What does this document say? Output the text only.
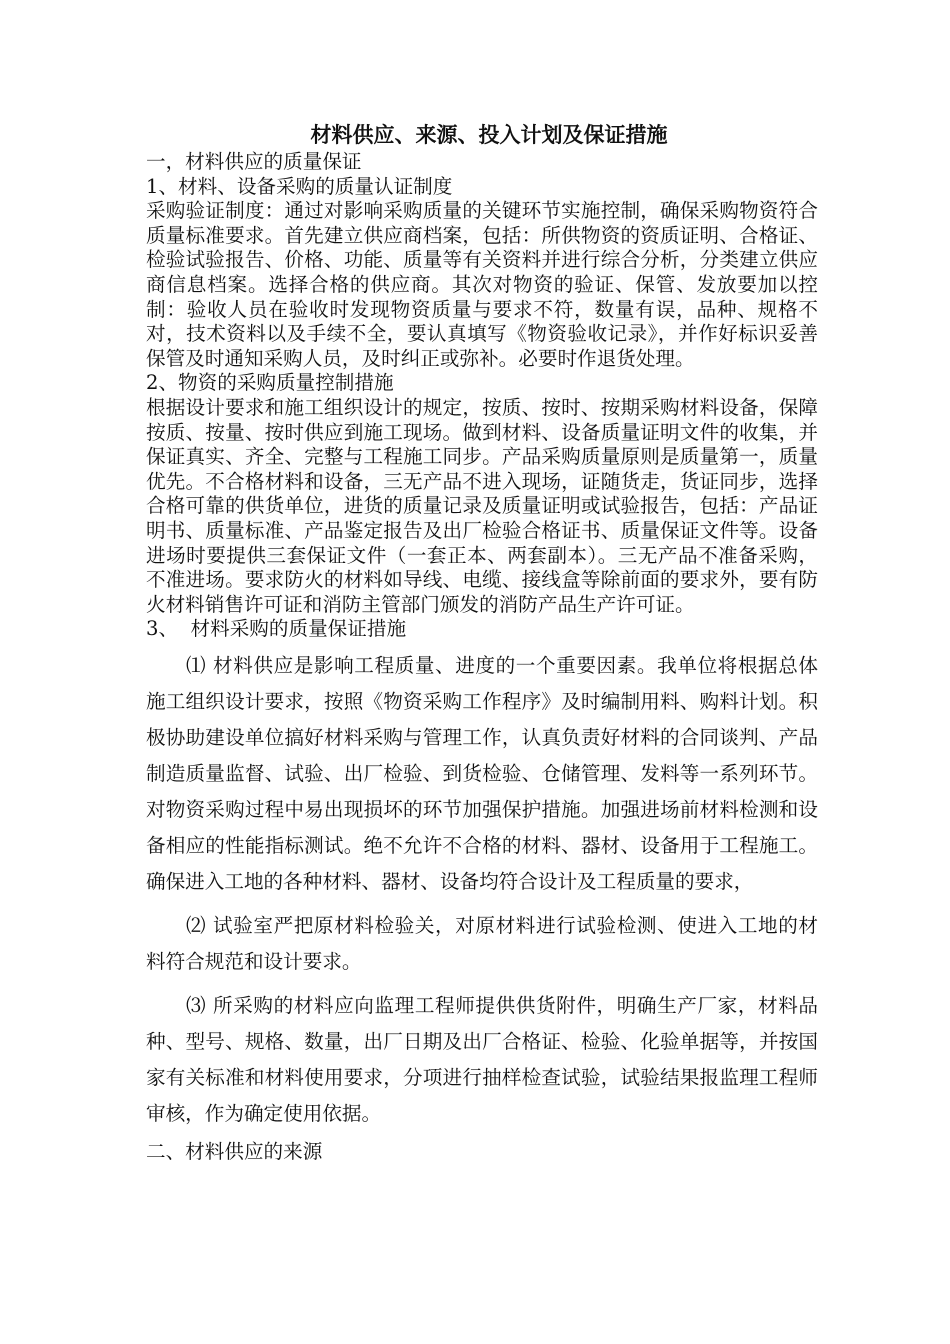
材料供应、来源、投入计划及保证措施

一，材料供应的质量保证

1、材料、设备采购的质量认证制度

采购验证制度：通过对影响采购质量的关键环节实施控制，确保采购物资符合质量标准要求。首先建立供应商档案，包括：所供物资的资质证明、合格证、检验试验报告、价格、功能、质量等有关资料并进行综合分析，分类建立供应商信息档案。选择合格的供应商。其次对物资的验证、保管、发放要加以控制：验收人员在验收时发现物资质量与要求不符，数量有误，品种、规格不对，技术资料以及手续不全，要认真填写《物资验收记录》，并作好标识妥善保管及时通知采购人员，及时纠正或弥补。必要时作退货处理。

2、物资的采购质量控制措施

根据设计要求和施工组织设计的规定，按质、按时、按期采购材料设备，保障按质、按量、按时供应到施工现场。做到材料、设备质量证明文件的收集，并保证真实、齐全、完整与工程施工同步。产品采购质量原则是质量第一，质量优先。不合格材料和设备，三无产品不进入现场，证随货走，货证同步，选择合格可靠的供货单位，进货的质量记录及质量证明或试验报告，包括：产品证明书、质量标准、产品鉴定报告及出厂检验合格证书、质量保证文件等。设备进场时要提供三套保证文件（一套正本、两套副本）。三无产品不准备采购，不准进场。要求防火的材料如导线、电缆、接线盒等除前面的要求外，要有防火材料销售许可证和消防主管部门颁发的消防产品生产许可证。

3、  材料采购的质量保证措施

⑴ 材料供应是影响工程质量、进度的一个重要因素。我单位将根据总体施工组织设计要求，按照《物资采购工作程序》及时编制用料、购料计划。积极协助建设单位搞好材料采购与管理工作，认真负责好材料的合同谈判、产品制造质量监督、试验、出厂检验、到货检验、仓储管理、发料等一系列环节。对物资采购过程中易出现损坏的环节加强保护措施。加强进场前材料检测和设备相应的性能指标测试。绝不允许不合格的材料、器材、设备用于工程施工。确保进入工地的各种材料、器材、设备均符合设计及工程质量的要求，

⑵ 试验室严把原材料检验关，对原材料进行试验检测、使进入工地的材料符合规范和设计要求。

⑶ 所采购的材料应向监理工程师提供供货附件，明确生产厂家，材料品种、型号、规格、数量，出厂日期及出厂合格证、检验、化验单据等，并按国家有关标准和材料使用要求，分项进行抽样检查试验，试验结果报监理工程师审核，作为确定使用依据。

二、材料供应的来源
